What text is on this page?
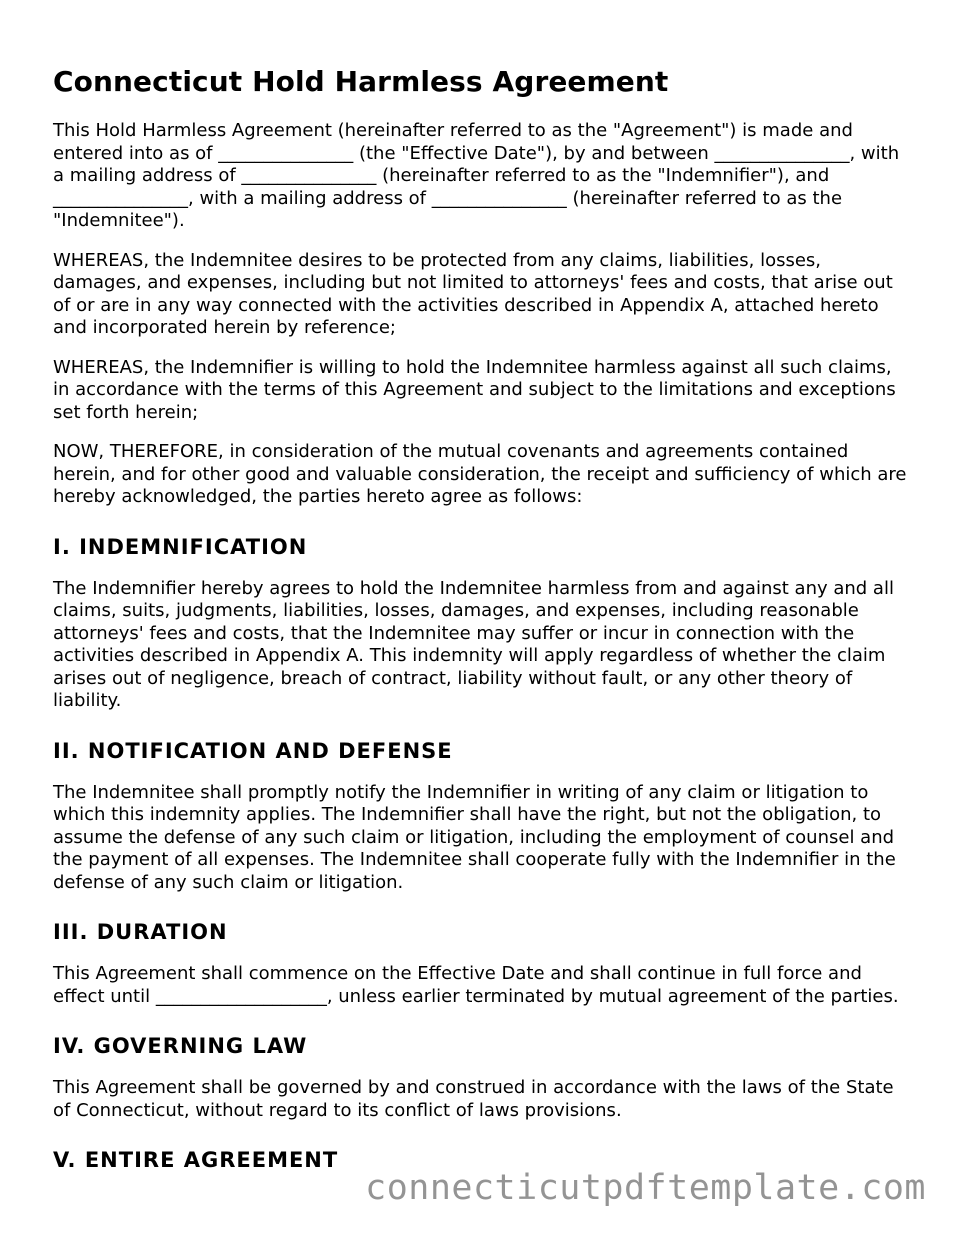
Connecticut Hold Harmless Agreement

This Hold Harmless Agreement (hereinafter referred to as the "Agreement") is made and entered into as of _______________ (the "Effective Date"), by and between _______________, with a mailing address of _______________ (hereinafter referred to as the "Indemnifier"), and _______________, with a mailing address of _______________ (hereinafter referred to as the "Indemnitee").

WHEREAS, the Indemnitee desires to be protected from any claims, liabilities, losses, damages, and expenses, including but not limited to attorneys' fees and costs, that arise out of or are in any way connected with the activities described in Appendix A, attached hereto and incorporated herein by reference;

WHEREAS, the Indemnifier is willing to hold the Indemnitee harmless against all such claims, in accordance with the terms of this Agreement and subject to the limitations and exceptions set forth herein;

NOW, THEREFORE, in consideration of the mutual covenants and agreements contained herein, and for other good and valuable consideration, the receipt and sufficiency of which are hereby acknowledged, the parties hereto agree as follows:

I. INDEMNIFICATION

The Indemnifier hereby agrees to hold the Indemnitee harmless from and against any and all claims, suits, judgments, liabilities, losses, damages, and expenses, including reasonable attorneys' fees and costs, that the Indemnitee may suffer or incur in connection with the activities described in Appendix A. This indemnity will apply regardless of whether the claim arises out of negligence, breach of contract, liability without fault, or any other theory of liability.

II. NOTIFICATION AND DEFENSE

The Indemnitee shall promptly notify the Indemnifier in writing of any claim or litigation to which this indemnity applies. The Indemnifier shall have the right, but not the obligation, to assume the defense of any such claim or litigation, including the employment of counsel and the payment of all expenses. The Indemnitee shall cooperate fully with the Indemnifier in the defense of any such claim or litigation.

III. DURATION

This Agreement shall commence on the Effective Date and shall continue in full force and effect until ___________________, unless earlier terminated by mutual agreement of the parties.

IV. GOVERNING LAW

This Agreement shall be governed by and construed in accordance with the laws of the State of Connecticut, without regard to its conflict of laws provisions.

V. ENTIRE AGREEMENT
connecticutpdftemplate.com
